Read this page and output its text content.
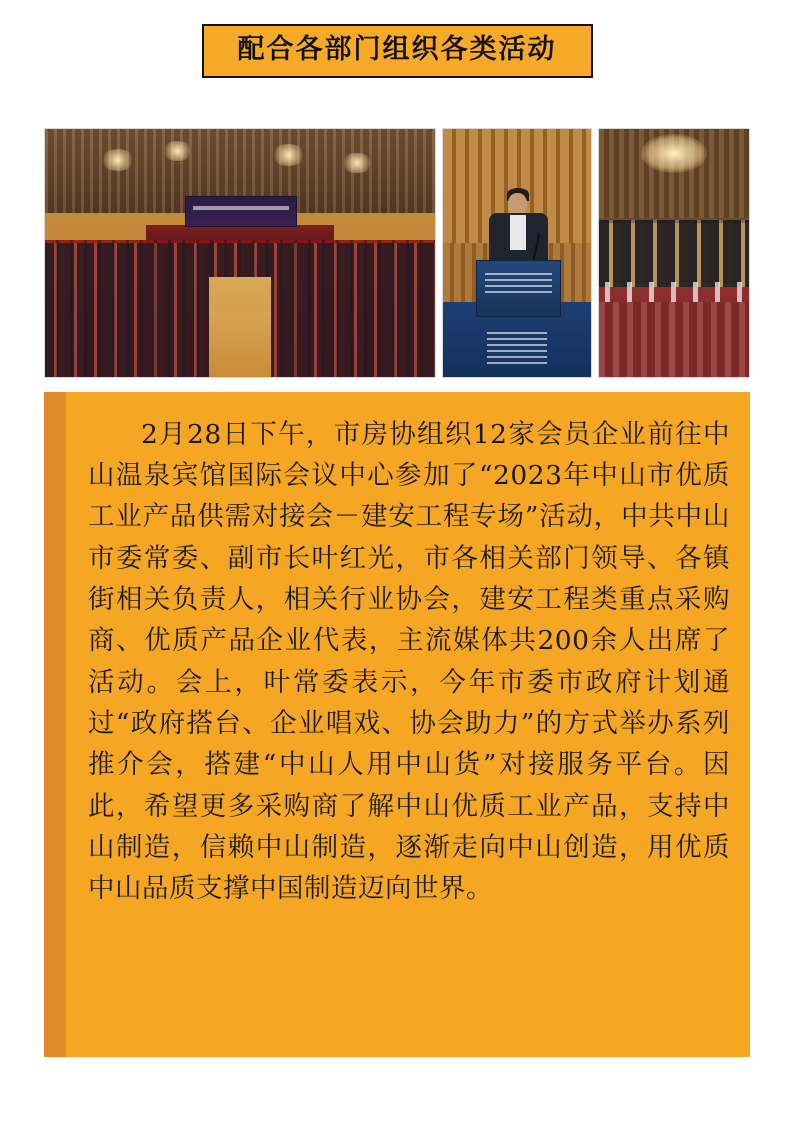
配合各部门组织各类活动

2月28日下午，市房协组织12家会员企业前往中山温泉宾馆国际会议中心参加了“2023年中山市优质工业产品供需对接会－建安工程专场”活动，中共中山市委常委、副市长叶红光，市各相关部门领导、各镇街相关负责人，相关行业协会，建安工程类重点采购商、优质产品企业代表，主流媒体共200余人出席了活动。会上，叶常委表示，今年市委市政府计划通过“政府搭台、企业唱戏、协会助力”的方式举办系列推介会，搭建“中山人用中山货”对接服务平台。因此，希望更多采购商了解中山优质工业产品，支持中山制造，信赖中山制造，逐渐走向中山创造，用优质中山品质支撑中国制造迈向世界。
